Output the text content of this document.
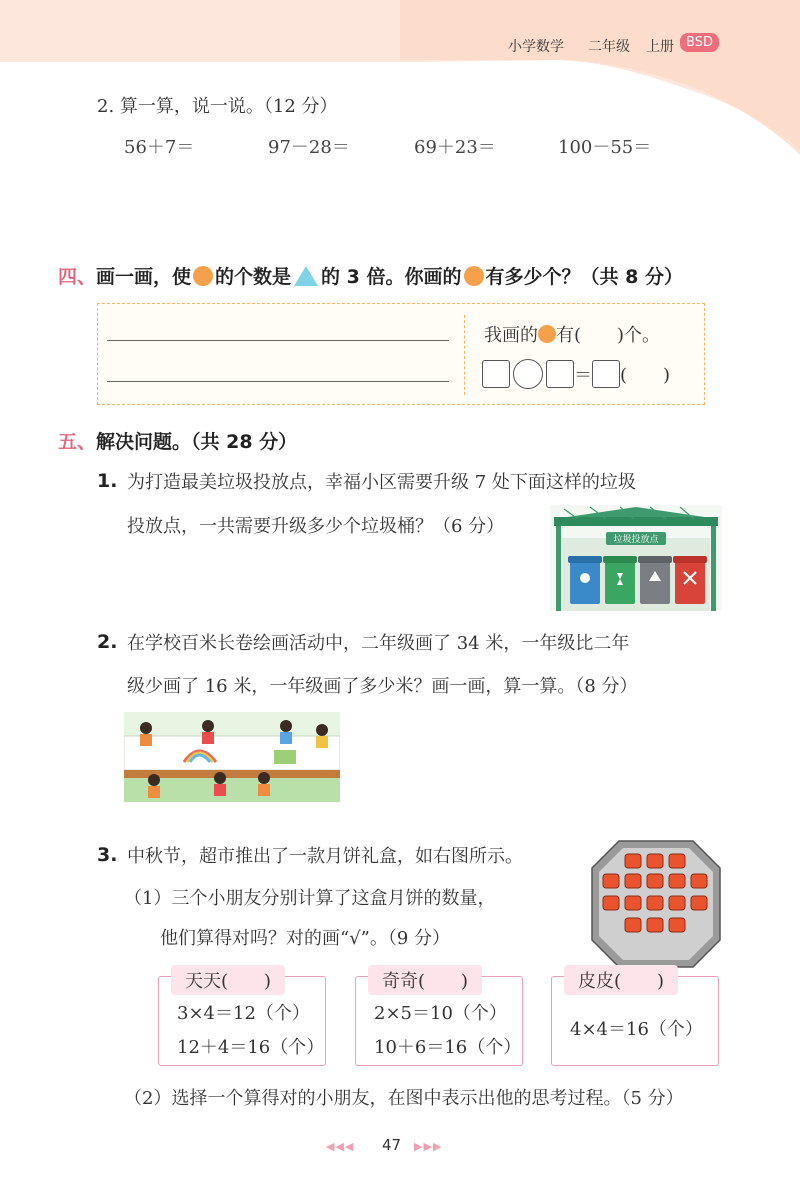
小学数学 二年级 上册 BSD
2. 算一算，说一说。（12 分）
56＋7＝	97－28＝	69＋23＝	100－55＝
四、画一画，使 的个数是 的 3 倍。你画的 有多少个？（共 8 分）
我画的 有(　　)个。
＝ (　　)
五、解决问题。（共 28 分）
1. 为打造最美垃圾投放点，幸福小区需要升级 7 处下面这样的垃圾
投放点，一共需要升级多少个垃圾桶？（6 分）
垃圾投放点
2. 在学校百米长卷绘画活动中，二年级画了 34 米，一年级比二年
级少画了 16 米，一年级画了多少米？画一画，算一算。（8 分）
3. 中秋节，超市推出了一款月饼礼盒，如右图所示。
（1）三个小朋友分别计算了这盒月饼的数量，
他们算得对吗？对的画“√”。（9 分）
天天(　　)
3×4＝12（个）
12＋4＝16（个）
奇奇(　　)
2×5＝10（个）
10＋6＝16（个）
皮皮(　　)
4×4＝16（个）
（2）选择一个算得对的小朋友，在图中表示出他的思考过程。（5 分）
◀◀◀ 47 ▶▶▶
